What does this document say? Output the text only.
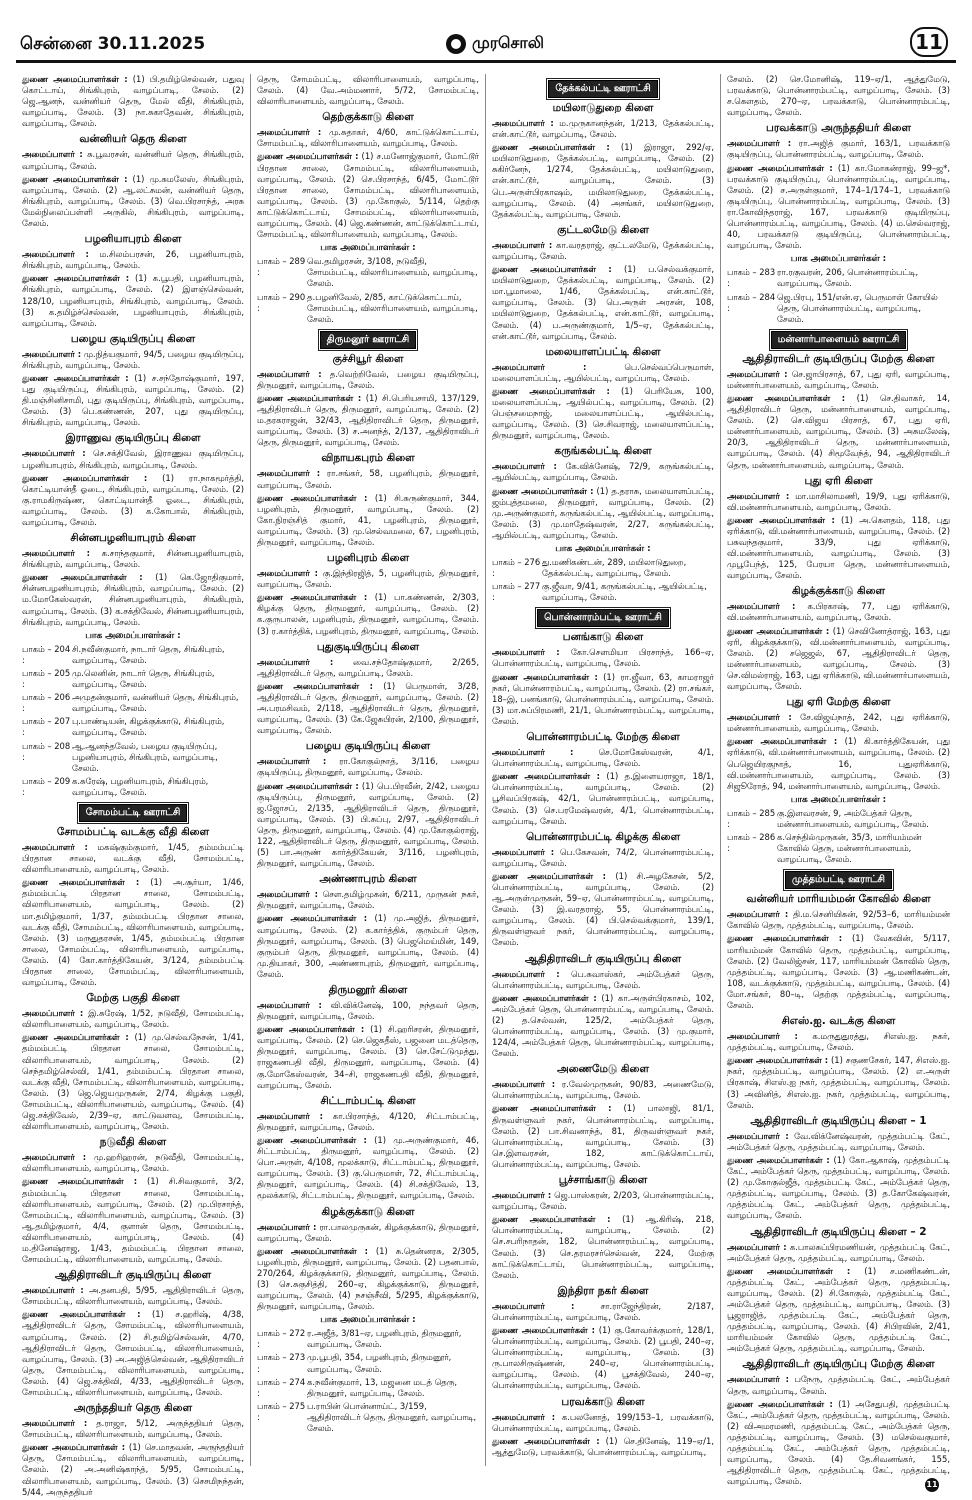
சென்னை 30.11.2025	முரசொலி	11
துணை அமைப்பாளர்கள் : (1) பி.தமிழ்செல்வன், பதுவு கொட்டாய், சிங்கிபுரம், வாழப்பாடி, சேலம். (2) ஜெ.ஆனந், வன்னியர் தெரு, மேல் வீதி, சிங்கிபுரம், வாழப்பாடி, சேலம். (3) நா.சுகாதேவன், சிங்கிபுரம், வாழப்பாடி, சேலம்.
வன்னியர் தெரு கிளை
அமைப்பாளர் : சு.பூவரசன், வன்னியர் தெரு, சிங்கிபுரம், வாழப்பாடி, சேலம்.
துணை அமைப்பாளர்கள் : (1) மு.சுமலேஸ், சிங்கிபுரம், வாழப்பாடி, சேலம். (2) ஆ.லட்சுமன், வன்னியர் தெரு, சிங்கிபுரம், வாழப்பாடி, சேலம். (3) வெ.பிரசாந்த், அரசு மேல்நிலைப்பள்ளி அருகில், சிங்கிபுரம், வாழப்பாடி, சேலம்.
பழனியாபுரம் கிளை
அமைப்பாளர் : ம.சிலம்பரசன், 26, பழனியாபுரம், சிங்கிபுரம், வாழப்பாடி, சேலம்.
துணை அமைப்பாளர்கள் : (1) க.பூபதி, பழனியாபுரம், சிங்கிபுரம், வாழப்பாடி, சேலம். (2) இளஞ்செல்வன், 128/10, பழனியாபுரம், சிங்கிபுரம், வாழப்பாடி, சேலம். (3) க.தமிழ்ச்செல்வன், பழனியாபுரம், சிங்கிபுரம், வாழப்பாடி, சேலம்.
பழைய குடியிருப்பு கிளை
அமைப்பாளர் : மு.நித்யகுமார், 94/5, பழைய குடியிருப்பு, சிங்கிபுரம், வாழப்பாடி, சேலம்.
துணை அமைப்பாளர்கள் : (1) ச.சந்தோஷ்குமார், 197, புது குடியிருப்பு, சிங்கிபுரம், வாழப்பாடி, சேலம். (2) தி.மஞ்சினிசாமி, புது குடியிருப்பு, சிங்கிபுரம், வாழப்பாடி, சேலம். (3) பெ.கண்ணன், 207, புது குடியிருப்பு, சிங்கிபுரம், வாழப்பாடி, சேலம்.
இராணுவ குடியிருப்பு கிளை
அமைப்பாளர் : செ.சக்திவேல், இராணுவ குடியிருப்பு, பழனியாபுரம், சிங்கிபுரம், வாழப்பாடி, சேலம்.
துணை அமைப்பாளர்கள் : (1) ரா.நாகமூர்த்தி, கொட்டியான்தீ ஓடை, சிங்கிபுரம், வாழப்பாடி, சேலம். (2) கு.ராமகிருஷ்ண, கொட்டியான்தீ ஓடை, சிங்கிபுரம், வாழப்பாடி, சேலம். (3) க.கோபால், சிங்கிபுரம், வாழப்பாடி, சேலம்.
சின்னபழனியாபுரம் கிளை
அமைப்பாளர் : க.சாந்தகுமார், சின்னபழனியாபுரம், சிங்கிபுரம், வாழப்பாடி, சேலம்.
துணை அமைப்பாளர்கள் : (1) கெ.ஜோதிகுமார், சின்னபழனியாபுரம், சிங்கிபுரம், வாழப்பாடி, சேலம். (2) ம.மோகேஸ்வரன், சின்னபழனியாபுரம், சிங்கிபுரம், வாழப்பாடி, சேலம். (3) க.சக்திவேல், சின்னபழனியாபுரம், சிங்கிபுரம், வாழப்பாடி, சேலம்.
பாக அமைப்பாளர்கள் :
பாகம் – 204 :
சி.நவீன்குமார், நாடார் தெரு, சிங்கிபுரம், வாழப்பாடி, சேலம்.
பாகம் – 205 :
மு.லெனின், நாடார் தெரு, சிங்கிபுரம், வாழப்பாடி, சேலம்.
பாகம் – 206 :
அமுதன்குமார், வன்னியர் தெரு, சிங்கிபுரம், வாழப்பாடி, சேலம்.
பாகம் – 207 :
பு.பாண்டியன், கிழக்குக்காடு, சிங்கிபுரம், வாழப்பாடி, சேலம்.
பாகம் – 208 :
ஆ.ஆனந்தவேல், பழைய குடியிருப்பு, பழனியாபுரம், சிங்கிபுரம், வாழப்பாடி, சேலம்.
பாகம் – 209 :
க.சுரேஷ், பழனியாபுரம், சிங்கிபுரம், வாழப்பாடி, சேலம்.
சோமம்பட்டி ஊராட்சி
சோமம்பட்டி வடக்கு வீதி கிளை
அமைப்பாளர் : மகஷ்கும்குமார், 1/45, தம்மம்பட்டி பிரதான சாலை, வடக்கு வீதி, சோமம்பட்டி, விலாரிபாளையம், வாழப்பாடி, சேலம்.
துணை அமைப்பாளர்கள் : (1) அ.சூர்யா, 1/46, தம்மம்பட்டி பிரதான சாலை, சோமம்பட்டி, விலாரிபாளையம், வாழப்பாடி, சேலம். (2) மா.தமிழ்குமார், 1/37, தம்மம்பட்டி பிரதான சாலை, வடக்கு வீதி, சோமம்பட்டி, விலாரிபாளையம், வாழப்பாடி, சேலம். (3) மருதுதரசன், 1/45, தம்மம்பட்டி பிரதான சாலை, சோமம்பட்டி, விலாரிபாளையம், வாழப்பாடி, சேலம். (4) கோ.கார்த்திகேயன், 3/124, தம்மம்பட்டி பிரதான சாலை, சோமம்பட்டி, விலாரிபாளையம், வாழப்பாடி, சேலம்.
மேற்கு பகுதி கிளை
அமைப்பாளர் : இ.சுரேஷ், 1/52, நடுவீதி, சோமம்பட்டி, விலாரிபாளையம், வாழப்பாடி, சேலம்.
துணை அமைப்பாளர்கள் : (1) மு.செல்வநேசன், 1/41, தம்மம்பட்டி பிரதான சாலை, சோமம்பட்டி, விலாரிபாளையம், வாழப்பாடி, சேலம். (2) செந்தமிழ்செல்வி, 1/41, தம்மம்பட்டி பிரதான சாலை, வடக்கு வீதி, சோமம்பட்டி, விலாரிபாளையம், வாழப்பாடி, சேலம். (3) ஜெ.ஜெயமுருகன், 2/74, கிழக்கு பகுதி, சோமம்பட்டி, விலாரிபாளையம், வாழப்பாடி, சேலம். (4) ஜெ.சக்திவேல், 2/39–ஏ, காட்டுவளவு, சோமம்பட்டி, விலாரிபாளையம், வாழப்பாடி, சேலம்.
நடுவீதி கிளை
அமைப்பாளர் : மு.ஹரிஹரன், நடுவீதி, சோமம்பட்டி, விலாரிபாளையம், வாழப்பாடி, சேலம்.
துணை அமைப்பாளர்கள் : (1) சி.சிவகுமார், 3/2, தம்மம்பட்டி பிரதான சாலை, சோமம்பட்டி, விலாரிபாளையம், வாழப்பாடி, சேலம். (2) மு.பிரசாந்த், சோமம்பட்டி, விலாரிபாளையம், வாழப்பாடி, சேலம். (3) ஆ.தமிழ்குமார், 4/4, குளான் தெரு, சோமம்பட்டி, விலாரிபாளையம், வாழப்பாடி, சேலம். (4) ம.தினேஷ்ராஜ, 1/43, தம்மம்பட்டி பிரதான சாலை, சோமம்பட்டி, விலாரிபாளையம், வாழப்பாடி, சேலம்.
ஆதிதிராவிடர் குடியிருப்பு கிளை
அமைப்பாளர் : அ.தனபதி, 5/95, ஆதிதிராவிடர் தெரு, சோமம்பட்டி, விலாரிபாளையம், வாழப்பாடி, சேலம்.
துணை அமைப்பாளர்கள் : (1) ச.ஹரிஷ், 4/38, ஆதிதிராவிடர் தெரு, சோமம்பட்டி, விலாரிபாளையம், வாழப்பாடி, சேலம். (2) சி.தமிழ்செல்வன், 4/70, ஆதிதிராவிடர் தெரு, சோமம்பட்டி, விலாரிபாளையம், வாழப்பாடி, சேலம். (3) அ.அஜித்செல்வன், ஆதிதிராவிடர் தெரு, சோமம்பட்டி, விலாரிபாளையம், வாழப்பாடி, சேலம். (4) ஜெ.சக்திவி, 4/33, ஆதிதிராவிடர் தெரு, சோமம்பட்டி, விலாரிபாளையம், வாழப்பாடி, சேலம்.
அருந்ததியர் தெரு கிளை
அமைப்பாளர் : த.ராஜா, 5/12, அருந்ததியர் தெரு, சோமம்பட்டி, விலாரிபாளையம், வாழப்பாடி, சேலம்.
துணை அமைப்பாளர்கள் : (1) செ.மாதவன், அருந்ததியர் தெரு, சோமம்பட்டி, விலாரிபாளையம், வாழப்பாடி, சேலம். (2) அ.அனிஷ்காந்த், 5/95, சோமம்பட்டி, விலாரிபாளையம், வாழப்பாடி, சேலம். (3) செசமிநந்தன், 5/44, அருந்ததியர்
தெரு, சோமம்பட்டி, விலாரிபாளையம், வாழப்பாடி, சேலம். (4) வே.அம்மணார், 5/72, சோமம்பட்டி, விலாரிபாளையம், வாழப்பாடி, சேலம்.
தெற்குக்காடு கிளை
அமைப்பாளர் : மு.சுதாகர், 4/60, காட்டுக்கொட்டாய், சோமம்பட்டி, விலாரிபாளையம், வாழப்பாடி, சேலம்.
துணை அமைப்பாளர்கள் : (1) ச.மனோஜ்குமார், மோட்டூர் பிரதான சாலை, சோமம்பட்டி, விலாரிபாளையம், வாழப்பாடி, சேலம். (2) செ.பிரசாந்த், 6/45, மோட்டூர் பிரதான சாலை, சோமம்பட்டி, விலாரிபாளையம், வாழப்பாடி, சேலம். (3) மு.கோகுல், 5/114, தெற்கு காட்டுக்கொட்டாய், சோமம்பட்டி, விலாரிபாளையம், வாழப்பாடி, சேலம். (4) ஜெ.கண்ணன், காட்டுக்கொட்டாய், சோமம்பட்டி, விலாரிபாளையம், வாழப்பாடி, சேலம்.
பாக அமைப்பாளர்கள் :
பாகம் – 289 :
வெ.தமிழரசன், 3/108, நடுவீதி, சோமம்பட்டி, விலாரிபாளையம், வாழப்பாடி, சேலம்.
பாகம் – 290 :
த.பழனிவேல், 2/85, காட்டுக்கொட்டாய், சோமம்பட்டி, விலாரிபாளையம், வாழப்பாடி, சேலம்.
திருமனூர் ஊராட்சி
குச்சியூர் கிளை
அமைப்பாளர் : த.வெற்றிவேல், பழைய குடியிருப்பு, திருமனூர், வாழப்பாடி, சேலம்.
துணை அமைப்பாளர்கள் : (1) சி.பெரியசாமி, 137/129, ஆதிதிராவிடர் தெரு, திருமனூர், வாழப்பாடி, சேலம். (2) ம.தரகராஜன், 32/43, ஆதிதிராவிடர் தெரு, திருமனூர், வாழப்பாடி, சேலம். (3) ச.அனந்த், 2/137, ஆதிதிராவிடர் தெரு, திருமனூர், வாழப்பாடி, சேலம்.
விநாயகபுரம் கிளை
அமைப்பாளர் : ரா.சங்கர், 58, பழனிபுரம், திருமனூர், வாழப்பாடி, சேலம்.
துணை அமைப்பாளர்கள் : (1) சி.சுருண்குமார், 344, பழனிபுரம், திருமனூர், வாழப்பாடி, சேலம். (2) கோ.நிரஞ்சித் குமார், 41, பழனிபுரம், திருமனூர், வாழப்பாடி, சேலம். (3) மு.செல்வமலை, 67, பழனிபுரம், திருமனூர், வாழப்பாடி, சேலம்.
பழனிபுரம் கிளை
அமைப்பாளர் : கு.இந்திரஜித், 5, பழனிபுரம், திருமனூர், வாழப்பாடி, சேலம்.
துணை அமைப்பாளர்கள் : (1) பா.கண்ணன், 2/303, கிழக்கு தெரு, திருமனூர், வாழப்பாடி, சேலம். (2) க.குருபாலன், பழனிபுரம், திருமனூர், வாழப்பாடி, சேலம். (3) ர.கார்த்திக், பழனிபுரம், திருமனூர், வாழப்பாடி, சேலம்.
புதுகுடியிருப்பு கிளை
அமைப்பாளர் : வை.சந்தோஷ்குமார், 2/265, ஆதிதிராவிடர் தெரு, வாழப்பாடி, சேலம்.
துணை அமைப்பாளர்கள் : (1) பெருமாள், 3/28, ஆதிதிராவிடர் தெரு, திருமனூர், வாழப்பாடி, சேலம். (2) அ.பரமசிவம், 2/118, ஆதிதிராவிடர் தெரு, திருமனூர், வாழப்பாடி, சேலம். (3) கே.ஜேசுபிரன், 2/100, திருமனூர், வாழப்பாடி, சேலம்.
பழைய குடியிருப்பு கிளை
அமைப்பாளர் : ரா.கோகுல்நாத், 3/116, பழைய குடியிருப்பு, திருமனூர், வாழப்பாடி, சேலம்.
துணை அமைப்பாளர்கள் : (1) பெ.பிரவீன், 2/42, பழைய குடியிருப்பு, திருமனூர், வாழப்பாடி, சேலம். (2) ஜ.ஜோசப், 2/135, ஆதிதிராவிடர் தெரு, திருமனூர், வாழப்பாடி, சேலம். (3) பி.சுப்பு, 2/97, ஆதிதிராவிடர் தெரு, திருமனூர், வாழப்பாடி, சேலம். (4) மு.கோகுல்ராஜ், 122, ஆதிதிராவிடர் தெரு, திருமனூர், வாழப்பாடி, சேலம். (5) பா.அருண் கார்த்திகேயன், 3/116, பழனிபுரம், திருமனூர், வாழப்பாடி, சேலம்.
அண்ணாபுரம் கிளை
அமைப்பாளர் : செள.தமிழ்முகன், 6/211, முருகன் நகர், திருமனூர், வாழப்பாடி, சேலம்.
துணை அமைப்பாளர்கள் : (1) மு.அஜித், திருமனூர், வாழப்பாடி, சேலம். (2) க.கார்த்திக், குரும்பர் தெரு, திருமனூர், வாழப்பாடி, சேலம். (3) பெஜமெய்மின், 149, குரும்பர் தெரு, திருமனூர், வாழப்பாடி, சேலம். (4) மு.தியாகர், 300, அண்ணாபுரம், திருமனூர், வாழப்பாடி, சேலம்.
திருமனூர் கிளை
அமைப்பாளர் : வி.விக்னேஷ், 100, நந்தவர் தெரு, திருமனூர், வாழப்பாடி, சேலம்.
துணை அமைப்பாளர்கள் : (1) சி.ஹரிசரன், திருமனூர், வாழப்பாடி, சேலம். (2) செ.ஜெகதீஸ், பஜனை மடத்தெரு, திருமனூர், வாழப்பாடி, சேலம். (3) செ.சேட்டுமுத்து, ராஜகணபதி வீதி, திருமனூர், வாழப்பாடி, சேலம். (4) கு.மோகேஸ்வரன், 34–சி, ராஜகணபதி வீதி, திருமனூர், வாழப்பாடி, சேலம்.
சிட்டாம்பட்டி கிளை
அமைப்பாளர் : கா.பிரசாந்த், 4/120, சிட்டாம்பட்டி, திருமனூர், வாழப்பாடி, சேலம்.
துணை அமைப்பாளர்கள் : (1) மு.அருண்குமார், 46, சிட்டாம்பட்டி, திருமனூர், வாழப்பாடி, சேலம். (2) பொ.அருள், 4/108, மூலக்காடு, சிட்டாம்பட்டி, திருமனூர், வாழப்பாடி, சேலம். (3) கு.பெருமாள், 72, சிட்டாம்பட்டி, திருமனூர், வாழப்பாடி, சேலம். (4) சி.சக்திவேல், 13, மூலக்காடு, சிட்டாம்பட்டி, திருமனூர், வாழப்பாடி, சேலம்.
கிழக்குக்காடு கிளை
அமைப்பாளர் : ரா.பாலமுருகன், கிழக்குக்காடு, திருமனூர், வாழப்பாடி, சேலம்.
துணை அமைப்பாளர்கள் : (1) சு.தென்னரசு, 2/305, பழனிபுரம், திருமனூர், வாழப்பாடி, சேலம். (2) பதனபால், 270/264, கிழக்குக்காடு, திருமனூர், வாழப்பாடி, சேலம். (3) செ.சுகுசித்தி, 260–ஏ, கிழக்குக்காடு, திருமனூர், வாழப்பாடி, சேலம். (4) நசஞ்சீவி, 5/295, கிழக்குக்காடு, திருமனூர், வாழப்பாடி, சேலம்.
பாக அமைப்பாளர்கள் :
பாகம் – 272 :
ர.அஜீத், 3/81–ஏ, பழனிபுரம், திருமனூர், வாழப்பாடி, சேலம்.
பாகம் – 273 :
மு.பூபதி, 354, பழனிபுரம், திருமனூர், வாழப்பாடி, சேலம்.
பாகம் – 274 :
க.நவீன்குமார், 13, மஜனை மடத் தெரு, திருமனூர், வாழப்பாடி, சேலம்.
பாகம் – 275 :
ப.ராபின் பொன்னாய்ட், 3/159, ஆதிதிராவிடர் தெரு, திருமனூர், வாழப்பாடி, சேலம்.
தேக்கல்பட்டி ஊராட்சி
மயிலாடுதுறை கிளை
அமைப்பாளர் : ம.முருகானந்தன், 1/213, தேக்கல்பட்டி, என்.காட்டூர், வாழப்பாடி, சேலம்.
துணை அமைப்பாளர்கள் : (1) இராஜா, 292/ஏ, மயிலாடுதுறை, தேக்கல்பட்டி, வாழப்பாடி, சேலம். (2) சுகிர்னேந், 1/274, தேக்கல்பட்டி, மயிலாடுதுறை, என்.காட்டூர், வாழப்பாடி, சேலம். (3) பெ.அருள்பிரகாஷம், மயிலாடுதுறை, தேக்கல்பட்டி, வாழப்பாடி, சேலம். (4) அசங்கர், மயிலாடுதுறை, தேக்கல்பட்டி, வாழப்பாடி, சேலம்.
குட்டலமேடு கிளை
அமைப்பாளர் : கா.வரதராஜ், குட்டலமேடு, தேக்கல்பட்டி, வாழப்பாடி, சேலம்.
துணை அமைப்பாளர்கள் : (1) ப.செல்வக்குமார், மயிலாடுதுறை, தேக்கல்பட்டி, வாழப்பாடி, சேலம். (2) மா.பூமாலை, 1/46, தேக்கல்பட்டி, என்.காட்டூர், வாழப்பாடி, சேலம். (3) பெ.அருள் அரசன், 108, மயிலாடுதுறை, தேக்கல்பட்டி, என்.காட்டூர், வாழப்பாடி, சேலம். (4) ப.அருண்குமார், 1/5–ஏ, தேக்கல்பட்டி, என்.காட்டூர், வாழப்பாடி, சேலம்.
மலையாளப்பட்டி கிளை
அமைப்பாளர் :	பெ.செல்வப்பெருமாள், மலையாளப்பட்டி, ஆயில்பட்டி, வாழப்பாடி, சேலம்.
துணை அமைப்பாளர்கள் : (1) பெரியேசு, 100, மலையாளப்பட்டி, ஆயில்பட்டி, வாழப்பாடி, சேலம். (2) பெஞ்சமைநாஜ், மலையாளப்பட்டி, ஆயில்பட்டி, வாழப்பாடி, சேலம். (3) செ.சிவராஜ், மலையாளப்பட்டி, திருமனூர், வாழப்பாடி, சேலம்.
கருங்கல்பட்டி கிளை
அமைப்பாளர் : கே.விக்னேஷ், 72/9, கருங்கல்பட்டி, ஆயில்பட்டி, வாழப்பாடி, சேலம்.
துணை அமைப்பாளர்கள் : (1) த.தராசு, மலையாளப்பட்டி, ஜம்புத்தமலை, திருமனூர், வாழப்பாடி, சேலம். (2) மு.அருண்குமார், கருங்கல்பட்டி, ஆயில்பட்டி, வாழப்பாடி, சேலம். (3) மு.மாதேஷ்வரன், 2/27, கருங்கல்பட்டி, ஆயில்பட்டி, வாழப்பாடி, சேலம்.
பாக அமைப்பாளர்கள் :
பாகம் – 276 :
து.மணிகண்டன், 289, மயிலாடுதுறை, தேக்கல்பட்டி, வாழப்பாடி, சேலம்.
பாகம் – 277 :
கு.ஜீவா, 9/41, கருங்கல்பட்டி, ஆயில்பட்டி, வாழப்பாடி, சேலம்.
பொன்னாரம்பட்டி ஊராட்சி
பனங்காடு கிளை
அமைப்பாளர் : கோ.செளமியா பிரசாந்த், 166–ஏ, பொன்னாரம்பட்டி, வாழப்பாடி, சேலம்.
துணை அமைப்பாளர்கள் : (1) ரா.ஜீவா, 63, காமராஜர் நகர், பொன்னாரம்பட்டி, வாழப்பாடி, சேலம். (2) ரா.சங்கர், 18–இ, பனங்காடு, பொன்னாரம்பட்டி, வாழப்பாடி, சேலம். (3) மா.சுப்பிரமணி, 21/1, பொன்னாரம்பட்டி, வாழப்பாடி, சேலம்.
பொன்னாரம்பட்டி மேற்கு கிளை
அமைப்பாளர் :	செ.மோகேஸ்வரன், 4/1, பொன்னாரம்பட்டி, வாழப்பாடி, சேலம்.
துணை அமைப்பாளர்கள் : (1) த.இளையராஜா, 18/1, பொன்னாரம்பட்டி, வாழப்பாடி, சேலம். (2) பூசிவப்பிரகஷ், 42/1, பொன்னாரம்பட்டி, வாழப்பாடி, சேலம். (3) செ.பரமேஷ்வரன், 4/1, பொன்னாரம்பட்டி, வாழப்பாடி, சேலம்.
பொன்னாரம்பட்டி கிழக்கு கிளை
அமைப்பாளர் : பெ.கேசவன், 74/2, பொன்னாரம்பட்டி, வாழப்பாடி, சேலம்.
துணை அமைப்பாளர்கள் : (1) சி.அழகேசன், 5/2, பொன்னாரம்பட்டி, வாழப்பாடி, சேலம். (2) ஆ.அருள்முருகன், 59–ஏ, பொன்னாரம்பட்டி, வாழப்பாடி, சேலம். (3) இ.வரதராஜ், 55, பொன்னாரம்பட்டி, வாழப்பாடி, சேலம். (4) பி.செல்வக்குமார், 139/1, திருவள்ளுவர் நகர், பொன்னாரம்பட்டி, வாழப்பாடி, சேலம்.
ஆதிதிராவிடர் குடியிருப்பு கிளை
அமைப்பாளர் : பெ.சுவாஸ்கர், அம்பேத்கர் தெரு, பொன்னாரம்பட்டி, வாழப்பாடி, சேலம்.
துணை அமைப்பாளர்கள் : (1) கா.அருள்பிரகாசம், 102, அம்பேத்கர் தெரு, பொன்னாரம்பட்டி, வாழப்பாடி, சேலம். (2) த.செல்வன், 125/2, அம்பேத்கர் தெரு, பொன்னாரம்பட்டி, வாழப்பாடி, சேலம். (3) மு.குமார், 124/4, அம்பேத்கர் தெரு, பொன்னாரம்பட்டி, வாழப்பாடி, சேலம்.
அணைமேடு கிளை
அமைப்பாளர் : ர.வேல்முருகன், 90/83, அணைமேடு, பொன்னாரம்பட்டி, வாழப்பாடி, சேலம்.
துணை அமைப்பாளர்கள் : (1) பாலாஜி, 81/1, திருவள்ளுவர் நகர், பொன்னாரம்பட்டி, வாழப்பாடி, சேலம். (2) பா.சிவனாந்த், 81, திருவள்ளுவர் நகர், பொன்னாரம்பட்டி, வாழப்பாடி, சேலம். (3) செ.இளவரசன், 182, காட்டுக்கொட்டாய், பொன்னாரம்பட்டி, வாழப்பாடி, சேலம்.
பூச்சாங்காடு கிளை
அமைப்பாளர் : ஜெ.பாஸ்கரன், 2/203, பொன்னாரம்பட்டி, வாழப்பாடி, சேலம்.
துணை அமைப்பாளர்கள் : (1) ஆ.கிரிஷ், 218, பொன்னாரம்பட்டி, வாழப்பாடி, சேலம். (2) செ.சபரிநாதன், 182, பொன்னாரம்பட்டி, வாழப்பாடி, சேலம். (3) செ.தரமரசர்செல்வன், 224, மேற்கு காட்டுக்கொட்டாய், பொன்னாரம்பட்டி, வாழப்பாடி, சேலம்.
இந்திரா நகர் கிளை
அமைப்பாளர் :	சா.ராஜேந்திரன், 2/187, பொன்னாரம்பட்டி, வாழப்பாடி, சேலம்.
துணை அமைப்பாளர்கள் : (1) கு.கோவர்க்குமார், 128/1, பொன்னாரம்பட்டி, வாழப்பாடி, சேலம். (2) பூபதி, 240–ஏ, பொன்னாரம்பட்டி, வாழப்பாடி, சேலம். (3) ரு.பாலசிருஷ்ணன், 240–ஏ, பொன்னாரம்பட்டி, வாழப்பாடி, சேலம். (4) பூசக்திவேல், 240–ஏ, பொன்னாரம்பட்டி, வாழப்பாடி, சேலம்.
பரவக்காடு கிளை
அமைப்பாளர் : க.பலனோத், 199/153–1, பரவக்காடு, பொன்னாரம்பட்டி, வாழப்பாடி, சேலம்.
துணை அமைப்பாளர்கள் : (1) செ.தினேஷ், 119–ஏ/1, ஆத்துமேடு, பரவக்காடு, பொன்னாரம்பட்டி, வாழப்பாடி,
சேலம். (2) செ.மோனிஷ், 119–ஏ/1, ஆத்துமேடு, பரவக்காடு, பொன்னாரம்பட்டி, வாழப்பாடி, சேலம். (3) ச.கௌதம், 270–ஏ, பரவக்காடு, பொன்னாரம்பட்டி, வாழப்பாடி, சேலம்.
பரவக்காடு அருந்ததியர் கிளை
அமைப்பாளர் : ரா.அஜித் குமார், 163/1, பரவக்காடு குடியிருப்பு, பொன்னாரம்பட்டி, வாழப்பாடி, சேலம்.
துணை அமைப்பாளர்கள் : (1) கா.மோகன்ராஜ், 99–ஜ*, பரவக்காடு குடியிருப்பு, பொன்னாரம்பட்டி, வாழப்பாடி, சேலம். (2) ச.அருள்குமார், 174–1/174–1, பரவக்காடு குடியிருப்பு, பொன்னாரம்பட்டி, வாழப்பாடி, சேலம். (3) ரா.கோவிந்தராஜ், 167, பரவக்காடு குடியிருப்பு, பொன்னாரம்பட்டி, வாழப்பாடி, சேலம். (4) ம.செல்வராஜ், 40, பரவக்காடு குடியிருப்பு, பொன்னாரம்பட்டி, வாழப்பாடி, சேலம்.
பாக அமைப்பாளர்கள் :
பாகம் – 283 :
ரா.ரகுவரன், 206, பொன்னாரம்பட்டி, வாழப்பாடி, சேலம்.
பாகம் – 284 :
ஜெ.பிரபு, 151/என்.ஏ, பெருமாள் கோயில் தெரு, பொன்னாரம்பட்டி, வாழப்பாடி, சேலம்.
மன்னார்பாளையம் ஊராட்சி
ஆதிதிராவிடர் குடியிருப்பு மேற்கு கிளை
அமைப்பாளர் : செ.ஜாபிரசாத், 67, புது ஏரி, வாழப்பாடி, மன்னார்பாளையம், வாழப்பாடி, சேலம்.
துணை அமைப்பாளர்கள் : (1) செ.திவாகர், 14, ஆதிதிராவிடர் தெரு, மன்னார்பாளையம், வாழப்பாடி, சேலம். (2) செ.விஜய பிரசாத், 67, புது ஏரி, மன்னார்பாளையம், வாழப்பாடி, சேலம். (3) அசுமலேஷ், 20/3, ஆதிதிராவிடர் தெரு, மன்னார்பாளையம், வாழப்பாடி, சேலம். (4) சிமூவேந்த், 94, ஆதிதிராவிடர் தெரு, மன்னார்பாளையம், வாழப்பாடி, சேலம்.
புது ஏரி கிளை
அமைப்பாளர் : மா.மாசிலாமணி, 19/9, புது ஏரிக்காடு, வி.மன்னார்பாளையம், வாழப்பாடி, சேலம்.
துணை அமைப்பாளர்கள் : (1) அ.கௌதம், 118, புது ஏரிக்காடு, வி.மன்னார்பாளையம், வாழப்பாடி, சேலம். (2) பசுவந்தகுமார், 33/9, புது ஏரிக்காடு, வி.மன்னார்பாளையம், வாழப்பாடி, சேலம். (3) முபூபேந்த், 125, பேரயா தெரு, மன்னார்பாளையம், வாழப்பாடி, சேலம்.
கிழக்குக்காடு கிளை
அமைப்பாளர் : க.பிரகாஷ், 77, புது ஏரிக்காடு, வி.மன்னார்பாளையம், வாழப்பாடி, சேலம்.
துணை அமைப்பாளர்கள் : (1) செவினோத்ராஜ், 163, புது ஏரி, கிழக்குக்காடு, வி.மன்னார்பாளையம், வாழப்பாடி, சேலம். (2) சஜெஜல், 67, ஆதிதிராவிடர் தெரு, மன்னார்பாளையம், வாழப்பாடி, சேலம். (3) செ.விமல்ராஜ், 163, புது ஏரிக்காடு, வி.மன்னார்பாளையம், வாழப்பாடி, சேலம்.
புது ஏரி மேற்கு கிளை
அமைப்பாளர் : சே.விஜய்நாத், 242, புது ஏரிக்காடு, மன்னார்பாளையம், வாழப்பாடி, சேலம்.
துணை அமைப்பாளர்கள் : (1) கி.கார்த்திகேயன், புது ஏரிக்காடு, வி.மன்னார்பாளையம், வாழப்பாடி, சேலம். (2) பெஜெயிரகுநாத், 16, புதுஏரிக்காடு, வி.மன்னார்பாளையம், வாழப்பாடி, சேலம். (3) சிஜூரோத், 94, மன்னார்பாளையம், வாழப்பாடி, சேலம்.
பாக அமைப்பாளர்கள் :
பாகம் – 285 :
கு.இளவரசன், 9, அம்பேத்கர் தெரு, மன்னார்பாளையம், வாழப்பாடி, சேலம்.
பாகம் – 286 :
க.செந்தில்முருகன், 35/3, மாரியம்மன் கோவில் தெரு, மன்னார்பாளையம், வாழப்பாடி, சேலம்.
முத்தம்பட்டி ஊராட்சி
வன்னியர் மாரியம்மன் கோவில் கிளை
அமைப்பாளர் : தி.ம.செனியிகன், 92/53–6, மாரியம்மன் கோவில் தெரு, முத்தம்பட்டி, வாழப்பாடி, சேலம்.
துணை அமைப்பாளர்கள் : (1) வேகவின், 5/117, மாரியம்மன் கோவில் தெரு, முத்தம்பட்டி, வாழப்பாடி, சேலம். (2) வேலிஜ்சன், 117, மாரியம்மன் கோவில் தெரு, முத்தம்பட்டி, வாழப்பாடி, சேலம். (3) ஆ.மணிகண்டன், 108, வடக்குக்காடு, முத்தம்பட்டி, வாழப்பாடி, சேலம். (4) மோ.சங்கர், 80–டி, தெற்கு முத்தம்பட்டி, வாழப்பாடி, சேலம்.
சிஎஸ்.ஐ. வடக்கு கிளை
அமைப்பாளர் : க.மருதுதுரத்து, சிஎஸ்.ஐ. நகர், முத்தம்பட்டி, வாழப்பாடி, சேலம்.
துணை அமைப்பாளர்கள் : (1) சகுணசேகர், 147, சிஎஸ்.ஐ. நகர், முத்தம்பட்டி, வாழப்பாடி, சேலம். (2) எ.அருள் பிரகாஷ், சிஎஸ்.ஐ நகர், முத்தம்பட்டி, வாழப்பாடி, சேலம். (3) அவினித், சிஎஸ்.ஐ. நகர், முத்தம்பட்டி, வாழப்பாடி, சேலம்.
ஆதிதிராவிடர் குடியிருப்பு கிளை – 1
அமைப்பாளர் : வே.விக்னேஷ்வரன், முத்தம்பட்டி கேட், அம்பேத்கர் தெரு, முத்தம்பட்டி, வாழப்பாடி, சேலம்.
துணை அமைப்பாளர்கள் : (1) கோ.ஆகாஷ், முத்தம்பட்டி கேட், அம்பேத்கர் தெரு, முத்தம்பட்டி, வாழப்பாடி, சேலம். (2) மு.கோகுல்ஜீத், முத்தம்பட்டி கேட், அம்பேத்கர் தெரு, முத்தம்பட்டி, வாழப்பாடி, சேலம். (3) த.கோகேஷ்வரன், முத்தம்பட்டி கேட், அம்பேத்கர் தெரு, முத்தம்பட்டி, வாழப்பாடி, சேலம்.
ஆதிதிராவிடர் குடியிருப்பு கிளை – 2
அமைப்பாளர் : க.பாலசுப்பிரமணியன், முத்தம்பட்டி கேட், அம்பேத்கர் தெரு, முத்தம்பட்டி, வாழப்பாடி, சேலம்.
துணை அமைப்பாளர்கள் : (1) ச.மணிகண்டன், முத்தம்பட்டி கேட், அம்பேத்கர் தெரு, முத்தம்பட்டி, வாழப்பாடி, சேலம். (2) சி.கோகுல், முத்தம்பட்டி கேட், அம்பேத்கர் தெரு, முத்தம்பட்டி, வாழப்பாடி, சேலம். (3) பூஜராஜித், முத்தம்பட்டி கேட், அம்பேத்கர் தெரு, முத்தம்பட்டி, வாழப்பாடி, சேலம். (4) சிபிரவின், 2/41, மாரியம்மன் கோவில் தெரு, முத்தம்பட்டி கேட், அம்பேத்கர் தெரு, முத்தம்பட்டி, வாழப்பாடி, சேலம்.
ஆதிதிராவிடர் குடியிருப்பு மேற்கு கிளை
அமைப்பாளர் : பநேரு, முத்தம்பட்டி கேட், அம்பேத்கர் தெரு, வாழப்பாடி, சேலம்.
துணை அமைப்பாளர்கள் : (1) அசேதுபதி, முத்தம்பட்டி கேட், அம்பேத்கர் தெரு, முத்தம்பட்டி, வாழப்பாடி, சேலம். (2) விஅமரமணி, முத்தம்பட்டி கேட், அம்பேத்கர் தெரு, முத்தம்பட்டி, வாழப்பாடி, சேலம். (3) மசெல்வகுமார், முத்தம்பட்டி கேட், அம்பேத்கர் தெரு, முத்தம்பட்டி, வாழப்பாடி, சேலம். (4) தே.சிவனங்கர், 155, ஆதிதிராவிடர் தெரு, முத்தம்பட்டி கேட், முத்தம்பட்டி, வாழப்பாடி, சேலம்.	11
